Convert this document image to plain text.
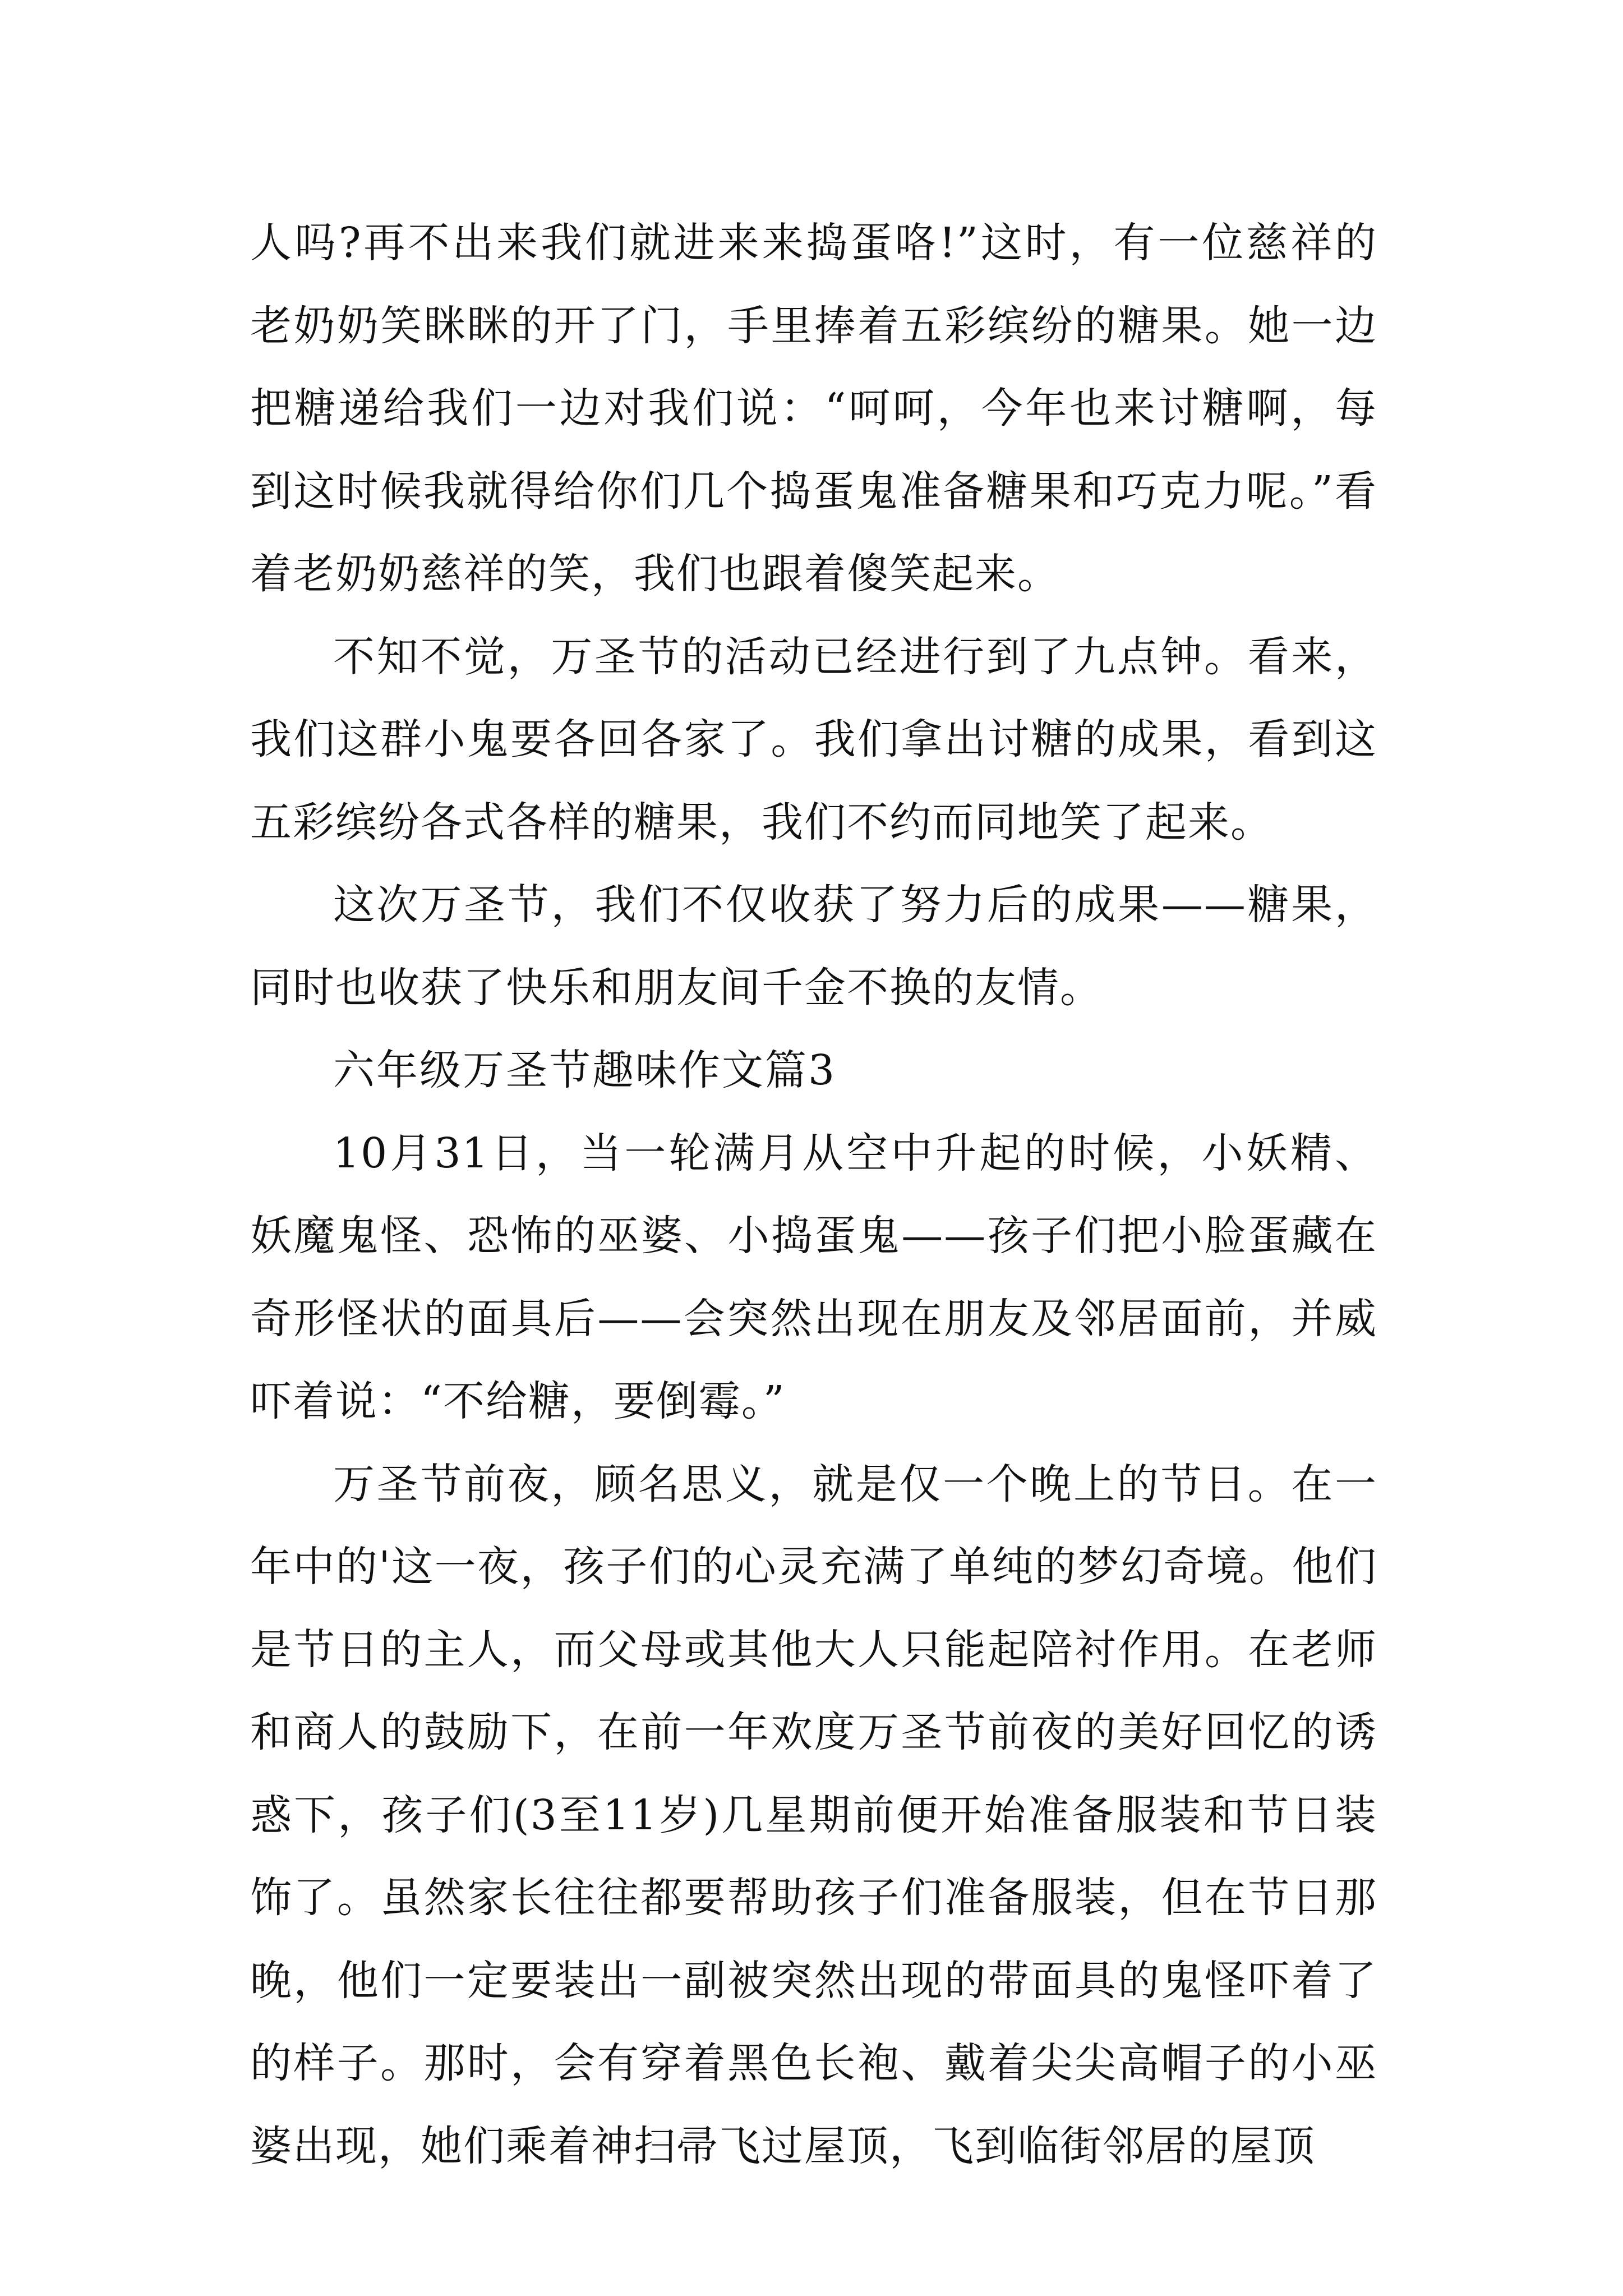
人吗?再不出来我们就进来来捣蛋咯!”这时，有一位慈祥的老奶奶笑眯眯的开了门，手里捧着五彩缤纷的糖果。她一边把糖递给我们一边对我们说：“呵呵，今年也来讨糖啊，每到这时候我就得给你们几个捣蛋鬼准备糖果和巧克力呢。”看着老奶奶慈祥的笑，我们也跟着傻笑起来。

不知不觉，万圣节的活动已经进行到了九点钟。看来，我们这群小鬼要各回各家了。我们拿出讨糖的成果，看到这五彩缤纷各式各样的糖果，我们不约而同地笑了起来。

这次万圣节，我们不仅收获了努力后的成果——糖果，同时也收获了快乐和朋友间千金不换的友情。

六年级万圣节趣味作文篇3

10月31日，当一轮满月从空中升起的时候，小妖精、妖魔鬼怪、恐怖的巫婆、小捣蛋鬼——孩子们把小脸蛋藏在奇形怪状的面具后——会突然出现在朋友及邻居面前，并威吓着说：“不给糖，要倒霉。”

万圣节前夜，顾名思义，就是仅一个晚上的节日。在一年中的'这一夜，孩子们的心灵充满了单纯的梦幻奇境。他们是节日的主人，而父母或其他大人只能起陪衬作用。在老师和商人的鼓励下，在前一年欢度万圣节前夜的美好回忆的诱惑下，孩子们(3至11岁)几星期前便开始准备服装和节日装饰了。虽然家长往往都要帮助孩子们准备服装，但在节日那晚，他们一定要装出一副被突然出现的带面具的鬼怪吓着了的样子。那时，会有穿着黑色长袍、戴着尖尖高帽子的小巫婆出现，她们乘着神扫帚飞过屋顶，飞到临街邻居的屋顶
